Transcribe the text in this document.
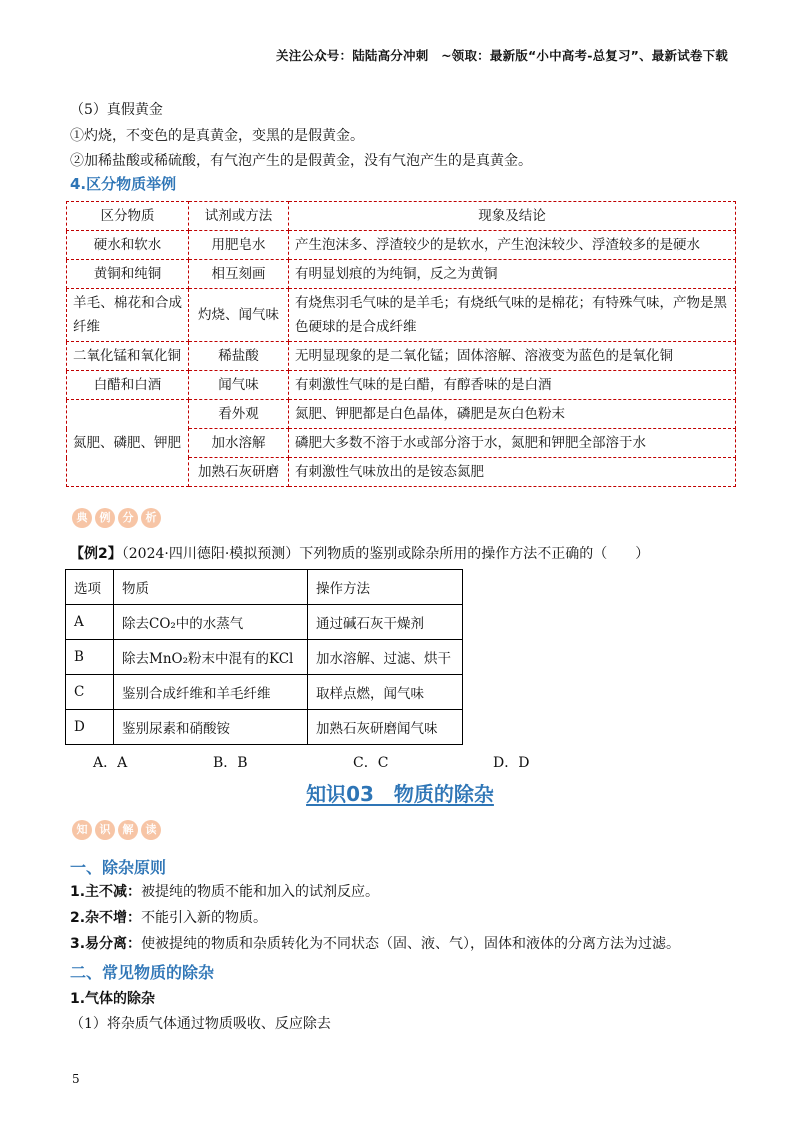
关注公众号：陆陆高分冲刺　~领取：最新版“小中高考-总复习”、最新试卷下载
（5）真假黄金
①灼烧，不变色的是真黄金，变黑的是假黄金。
②加稀盐酸或稀硫酸，有气泡产生的是假黄金，没有气泡产生的是真黄金。
4.区分物质举例
区分物质	试剂或方法	现象及结论
硬水和软水	用肥皂水	产生泡沫多、浮渣较少的是软水，产生泡沫较少、浮渣较多的是硬水
黄铜和纯铜	相互刻画	有明显划痕的为纯铜，反之为黄铜
羊毛、棉花和合成纤维	灼烧、闻气味	有烧焦羽毛气味的是羊毛；有烧纸气味的是棉花；有特殊气味，产物是黑色硬球的是合成纤维
二氧化锰和氧化铜	稀盐酸	无明显现象的是二氧化锰；固体溶解、溶液变为蓝色的是氧化铜
白醋和白酒	闻气味	有刺激性气味的是白醋，有醇香味的是白酒
氮肥、磷肥、钾肥	看外观	氮肥、钾肥都是白色晶体，磷肥是灰白色粉末
	加水溶解	磷肥大多数不溶于水或部分溶于水，氮肥和钾肥全部溶于水
	加熟石灰研磨	有刺激性气味放出的是铵态氮肥
典	例	分	析
【例2】（2024·四川德阳·模拟预测）下列物质的鉴别或除杂所用的操作方法不正确的（　　）
选项	物质	操作方法
A	除去CO₂中的水蒸气	通过碱石灰干燥剂
B	除去MnO₂粉末中混有的KCl	加水溶解、过滤、烘干
C	鉴别合成纤维和羊毛纤维	取样点燃，闻气味
D	鉴别尿素和硝酸铵	加熟石灰研磨闻气味
A．A	B．B	C．C	D．D
知识03　物质的除杂
知	识	解	读
一、除杂原则
1.主不减：被提纯的物质不能和加入的试剂反应。
2.杂不增：不能引入新的物质。
3.易分离：使被提纯的物质和杂质转化为不同状态（固、液、气），固体和液体的分离方法为过滤。
二、常见物质的除杂
1.气体的除杂
（1）将杂质气体通过物质吸收、反应除去
5
